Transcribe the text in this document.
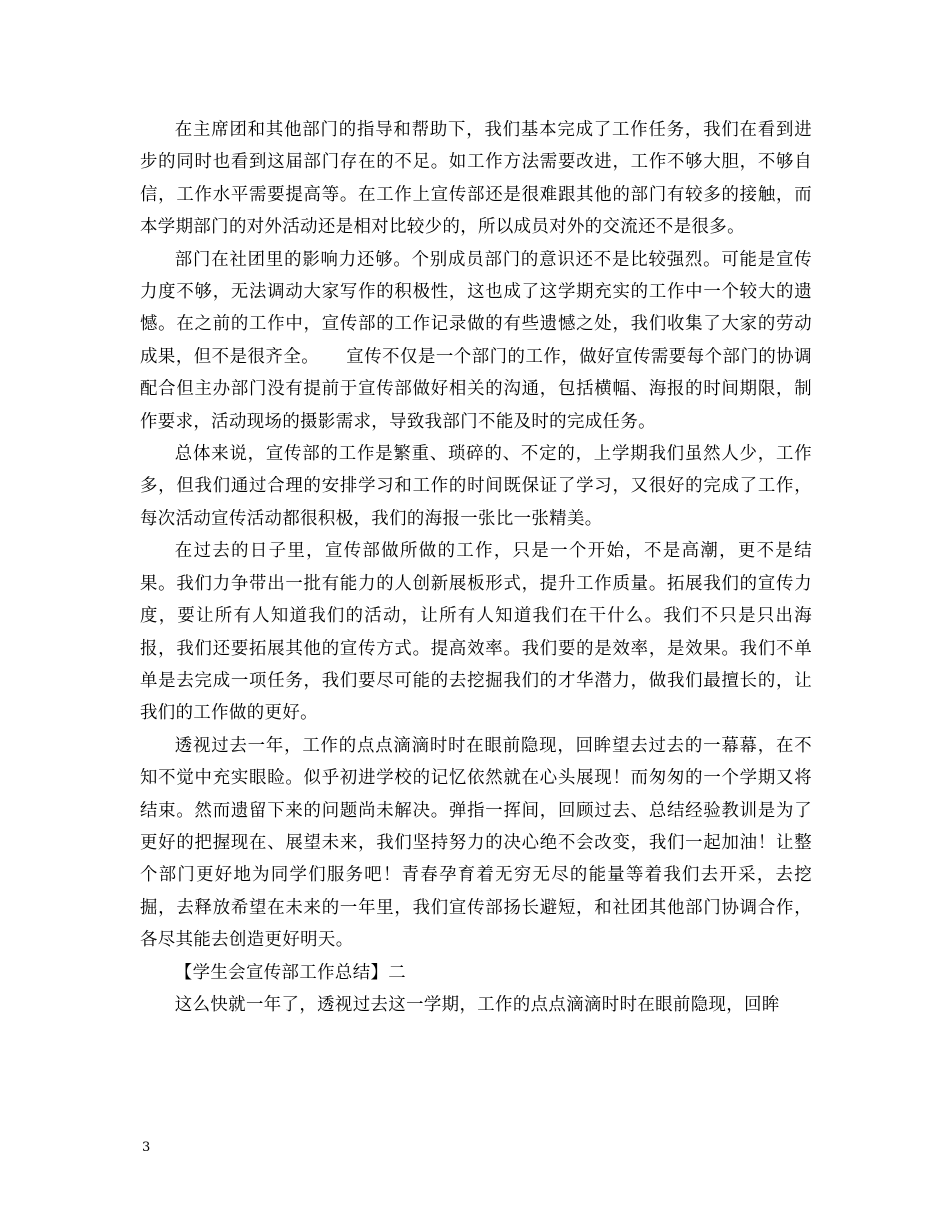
在主席团和其他部门的指导和帮助下，我们基本完成了工作任务，我们在看到进步的同时也看到这届部门存在的不足。如工作方法需要改进，工作不够大胆，不够自信，工作水平需要提高等。在工作上宣传部还是很难跟其他的部门有较多的接触，而本学期部门的对外活动还是相对比较少的，所以成员对外的交流还不是很多。

部门在社团里的影响力还够。个别成员部门的意识还不是比较强烈。可能是宣传力度不够，无法调动大家写作的积极性，这也成了这学期充实的工作中一个较大的遗憾。在之前的工作中，宣传部的工作记录做的有些遗憾之处，我们收集了大家的劳动成果，但不是很齐全。　　宣传不仅是一个部门的工作，做好宣传需要每个部门的协调配合但主办部门没有提前于宣传部做好相关的沟通，包括横幅、海报的时间期限，制作要求，活动现场的摄影需求，导致我部门不能及时的完成任务。

总体来说，宣传部的工作是繁重、琐碎的、不定的，上学期我们虽然人少，工作多，但我们通过合理的安排学习和工作的时间既保证了学习，又很好的完成了工作，每次活动宣传活动都很积极，我们的海报一张比一张精美。

在过去的日子里，宣传部做所做的工作，只是一个开始，不是高潮，更不是结果。我们力争带出一批有能力的人创新展板形式，提升工作质量。拓展我们的宣传力度，要让所有人知道我们的活动，让所有人知道我们在干什么。我们不只是只出海报，我们还要拓展其他的宣传方式。提高效率。我们要的是效率，是效果。我们不单单是去完成一项任务，我们要尽可能的去挖掘我们的才华潜力，做我们最擅长的，让我们的工作做的更好。

透视过去一年，工作的点点滴滴时时在眼前隐现，回眸望去过去的一幕幕，在不知不觉中充实眼睑。似乎初进学校的记忆依然就在心头展现！而匆匆的一个学期又将结束。然而遗留下来的问题尚未解决。弹指一挥间，回顾过去、总结经验教训是为了更好的把握现在、展望未来，我们坚持努力的决心绝不会改变，我们一起加油！让整个部门更好地为同学们服务吧！青春孕育着无穷无尽的能量等着我们去开采，去挖掘，去释放希望在未来的一年里，我们宣传部扬长避短，和社团其他部门协调合作，各尽其能去创造更好明天。

【学生会宣传部工作总结】二

这么快就一年了，透视过去这一学期，工作的点点滴滴时时在眼前隐现，回眸

3
